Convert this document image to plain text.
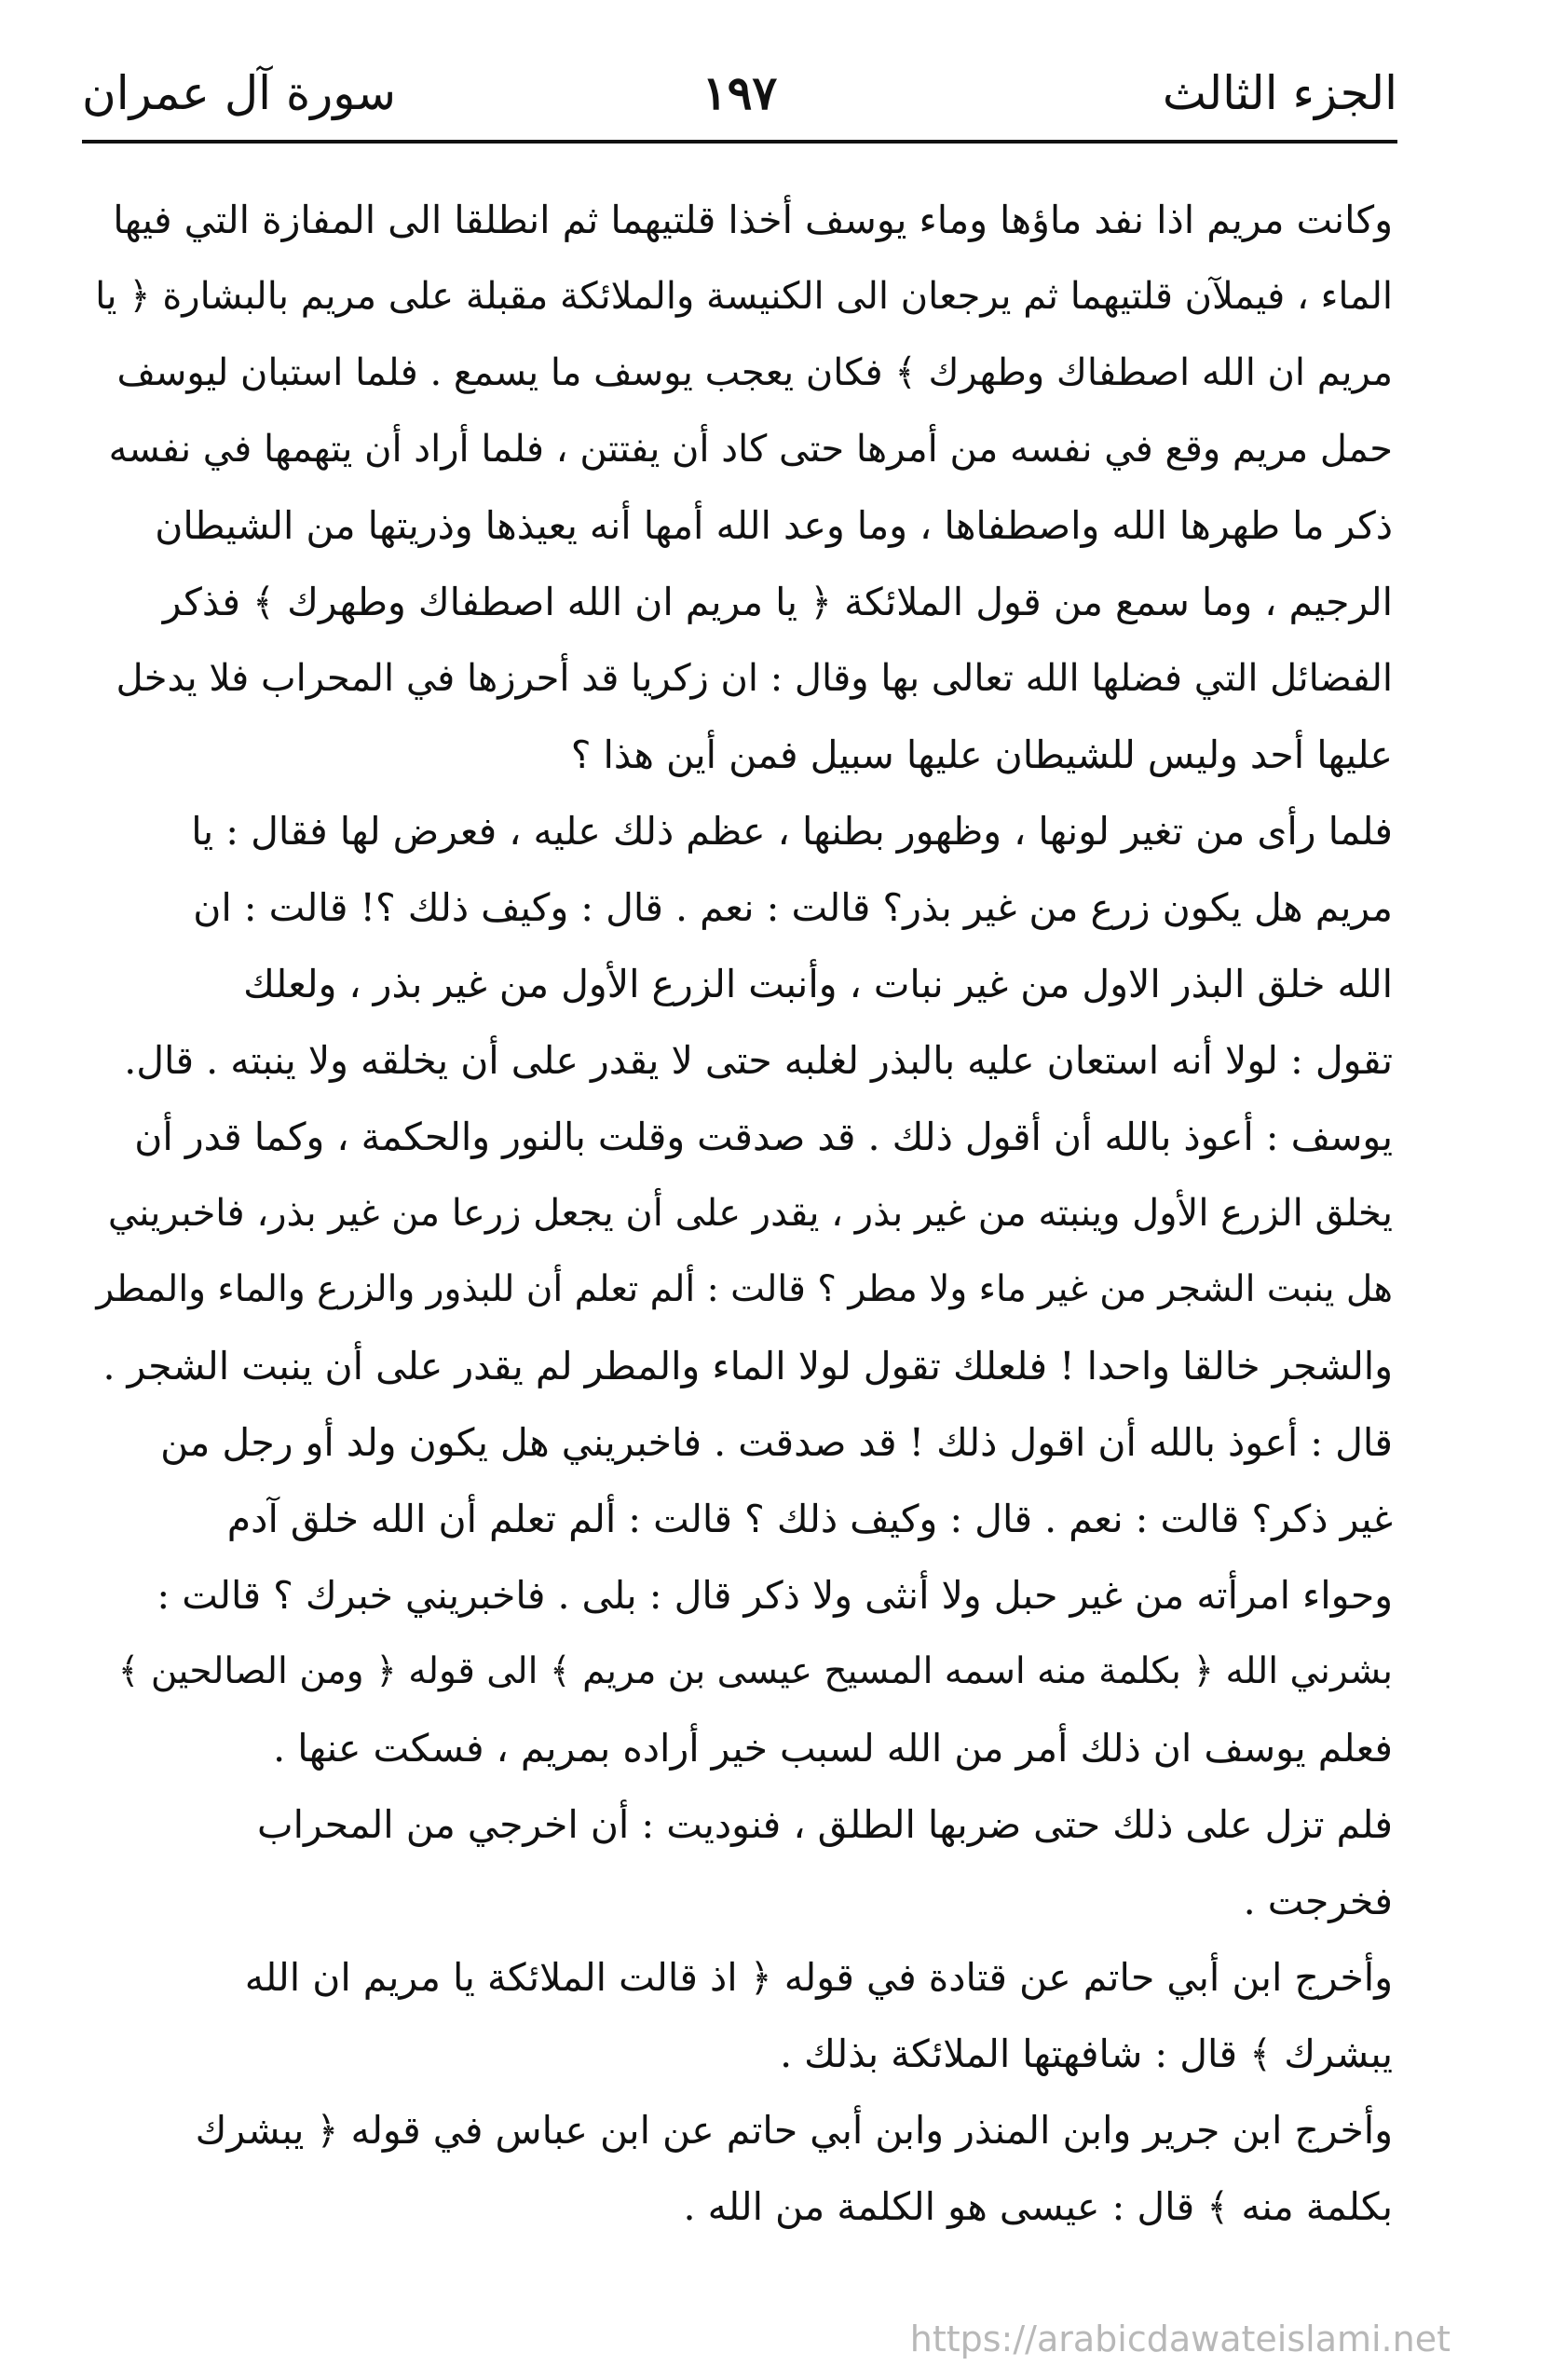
الجزء الثالث
١٩٧
سورة آل عمران
وكانت مريم اذا نفد ماؤها وماء يوسف أخذا قلتيهما ثم انطلقا الى المفازة التي فيها
الماء ، فيملآن قلتيهما ثم يرجعان الى الكنيسة والملائكة مقبلة على مريم بالبشارة ﴿ يا
مريم ان الله اصطفاك وطهرك ﴾ فكان يعجب يوسف ما يسمع . فلما استبان ليوسف
حمل مريم وقع في نفسه من أمرها حتى كاد أن يفتتن ، فلما أراد أن يتهمها في نفسه
ذكر ما طهرها الله واصطفاها ، وما وعد الله أمها أنه يعيذها وذريتها من الشيطان
الرجيم ، وما سمع من قول الملائكة ﴿ يا مريم ان الله اصطفاك وطهرك ﴾ فذكر
الفضائل التي فضلها الله تعالى بها وقال : ان زكريا قد أحرزها في المحراب فلا يدخل
عليها أحد وليس للشيطان عليها سبيل فمن أين هذا ؟
فلما رأى من تغير لونها ، وظهور بطنها ، عظم ذلك عليه ، فعرض لها فقال : يا
مريم هل يكون زرع من غير بذر؟ قالت : نعم . قال : وكيف ذلك ؟! قالت : ان
الله خلق البذر الاول من غير نبات ، وأنبت الزرع الأول من غير بذر ، ولعلك
تقول : لولا أنه استعان عليه بالبذر لغلبه حتى لا يقدر على أن يخلقه ولا ينبته . قال.
يوسف : أعوذ بالله أن أقول ذلك . قد صدقت وقلت بالنور والحكمة ، وكما قدر أن
يخلق الزرع الأول وينبته من غير بذر ، يقدر على أن يجعل زرعا من غير بذر، فاخبريني
هل ينبت الشجر من غير ماء ولا مطر ؟ قالت : ألم تعلم أن للبذور والزرع والماء والمطر
والشجر خالقا واحدا ! فلعلك تقول لولا الماء والمطر لم يقدر على أن ينبت الشجر .
قال : أعوذ بالله أن اقول ذلك ! قد صدقت . فاخبريني هل يكون ولد أو رجل من
غير ذكر؟ قالت : نعم . قال : وكيف ذلك ؟ قالت : ألم تعلم أن الله خلق آدم
وحواء امرأته من غير حبل ولا أنثى ولا ذكر قال : بلى . فاخبريني خبرك ؟ قالت :
بشرني الله ﴿ بكلمة منه اسمه المسيح عيسى بن مريم ﴾ الى قوله ﴿ ومن الصالحين ﴾
فعلم يوسف ان ذلك أمر من الله لسبب خير أراده بمريم ، فسكت عنها .
فلم تزل على ذلك حتى ضربها الطلق ، فنوديت : أن اخرجي من المحراب
فخرجت .
وأخرج ابن أبي حاتم عن قتادة في قوله ﴿ اذ قالت الملائكة يا مريم ان الله
يبشرك ﴾ قال : شافهتها الملائكة بذلك .
وأخرج ابن جرير وابن المنذر وابن أبي حاتم عن ابن عباس في قوله ﴿ يبشرك
بكلمة منه ﴾ قال : عيسى هو الكلمة من الله .
https://arabicdawateislami.net
